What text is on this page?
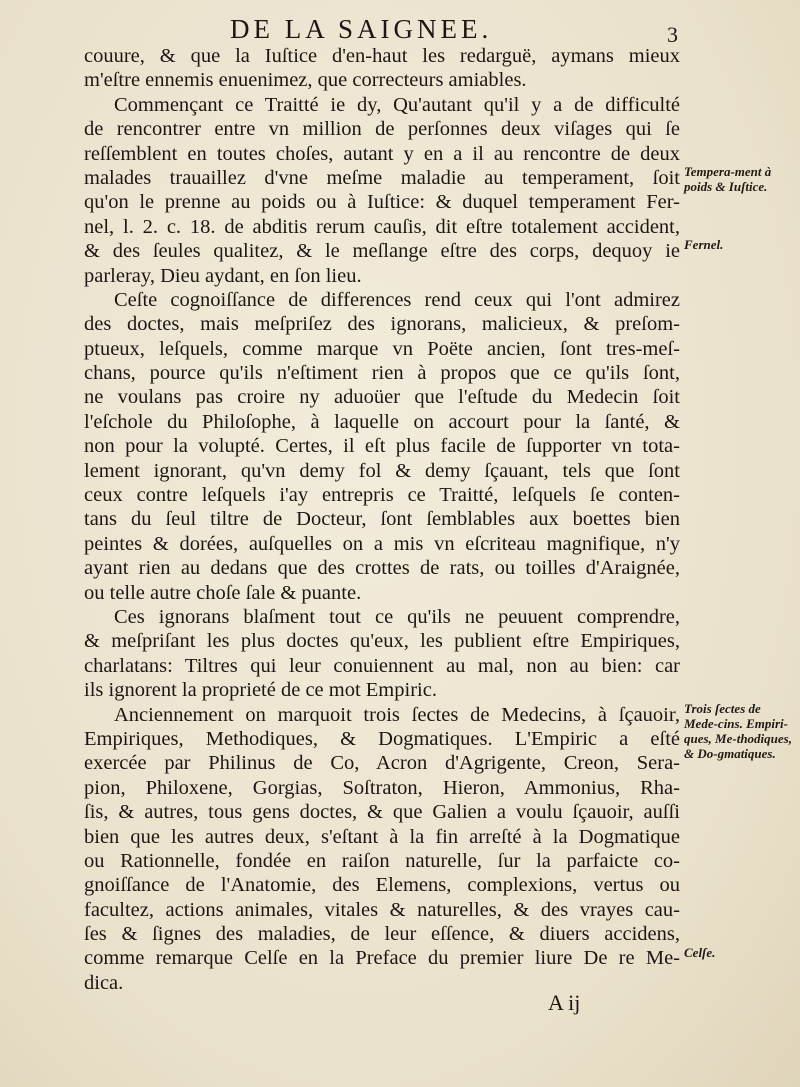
DE LA SAIGNEE.	3
couure, & que la Iuſtice d'en-haut les redarguë, aymans mieux
m'eſtre ennemis enuenimez, que correcteurs amiables.
Commençant ce Traitté ie dy, Qu'autant qu'il y a de difficulté
de rencontrer entre vn million de perſonnes deux viſages qui ſe
reſſemblent en toutes choſes, autant y en a il au rencontre de deux
malades trauaillez d'vne meſme maladie au temperament, ſoit
qu'on le prenne au poids ou à Iuſtice: & duquel temperament Fer-
nel, l. 2. c. 18. de abditis rerum cauſis, dit eſtre totalement accident,
& des ſeules qualitez, & le meſlange eſtre des corps, dequoy ie
parleray, Dieu aydant, en ſon lieu.
Ceſte cognoiſſance de differences rend ceux qui l'ont admirez
des doctes, mais meſpriſez des ignorans, malicieux, & preſom-
ptueux, leſquels, comme marque vn Poëte ancien, ſont tres-meſ-
chans, pource qu'ils n'eſtiment rien à propos que ce qu'ils ſont,
ne voulans pas croire ny aduoüer que l'eſtude du Medecin ſoit
l'eſchole du Philoſophe, à laquelle on accourt pour la ſanté, &
non pour la volupté. Certes, il eſt plus facile de ſupporter vn tota-
lement ignorant, qu'vn demy fol & demy ſçauant, tels que ſont
ceux contre leſquels i'ay entrepris ce Traitté, leſquels ſe conten-
tans du ſeul tiltre de Docteur, ſont ſemblables aux boettes bien
peintes & dorées, auſquelles on a mis vn eſcriteau magnifique, n'y
ayant rien au dedans que des crottes de rats, ou toilles d'Araignée,
ou telle autre choſe ſale & puante.
Ces ignorans blaſment tout ce qu'ils ne peuuent comprendre,
& meſpriſant les plus doctes qu'eux, les publient eſtre Empiriques,
charlatans: Tiltres qui leur conuiennent au mal, non au bien: car
ils ignorent la proprieté de ce mot Empiric.
Anciennement on marquoit trois ſectes de Medecins, à ſçauoir,
Empiriques, Methodiques, & Dogmatiques. L'Empiric a eſté
exercée par Philinus de Co, Acron d'Agrigente, Creon, Sera-
pion, Philoxene, Gorgias, Soſtraton, Hieron, Ammonius, Rha-
ſis, & autres, tous gens doctes, & que Galien a voulu ſçauoir, auſſi
bien que les autres deux, s'eſtant à la fin arreſté à la Dogmatique
ou Rationnelle, fondée en raiſon naturelle, ſur la parfaicte co-
gnoiſſance de l'Anatomie, des Elemens, complexions, vertus ou
facultez, actions animales, vitales & naturelles, & des vrayes cau-
ſes & ſignes des maladies, de leur eſſence, & diuers accidens,
comme remarque Celſe en la Preface du premier liure De re Me-
dica.
Tempera-ment à poids & Iuſtice.
Fernel.
Trois ſectes de Mede-cins. Empiri-ques, Me-thodiques, & Do-gmatiques.
Celſe.
A ij
